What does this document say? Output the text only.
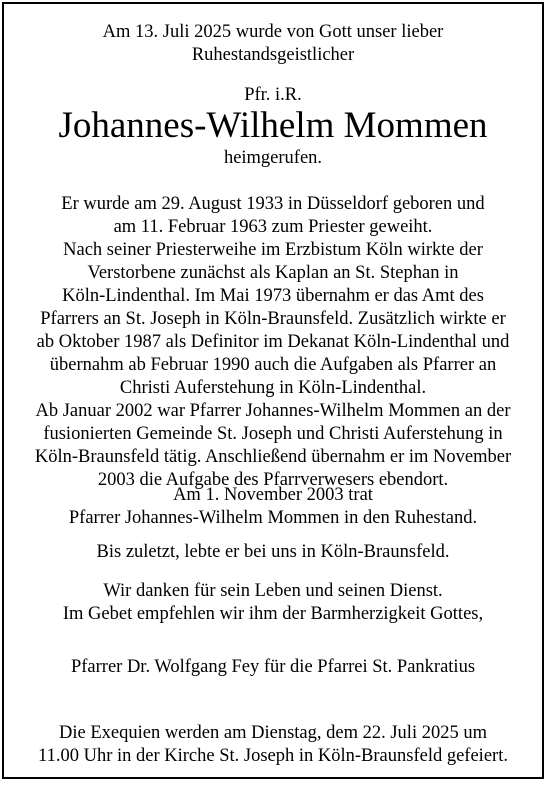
Am 13. Juli 2025 wurde von Gott unser lieber
Ruhestandsgeistlicher
Pfr. i.R.
Johannes-Wilhelm Mommen
heimgerufen.
Er wurde am 29. August 1933 in Düsseldorf geboren und
am 11. Februar 1963 zum Priester geweiht.
Nach seiner Priesterweihe im Erzbistum Köln wirkte der
Verstorbene zunächst als Kaplan an St. Stephan in
Köln-Lindenthal. Im Mai 1973 übernahm er das Amt des
Pfarrers an St. Joseph in Köln-Braunsfeld. Zusätzlich wirkte er
ab Oktober 1987 als Definitor im Dekanat Köln-Lindenthal und
übernahm ab Februar 1990 auch die Aufgaben als Pfarrer an
Christi Auferstehung in Köln-Lindenthal.
Ab Januar 2002 war Pfarrer Johannes-Wilhelm Mommen an der
fusionierten Gemeinde St. Joseph und Christi Auferstehung in
Köln-Braunsfeld tätig. Anschließend übernahm er im November
2003 die Aufgabe des Pfarrverwesers ebendort.
Am 1. November 2003 trat
Pfarrer Johannes-Wilhelm Mommen in den Ruhestand.
Bis zuletzt, lebte er bei uns in Köln-Braunsfeld.
Wir danken für sein Leben und seinen Dienst.
Im Gebet empfehlen wir ihm der Barmherzigkeit Gottes,
Pfarrer Dr. Wolfgang Fey für die Pfarrei St. Pankratius
Die Exequien werden am Dienstag, dem 22. Juli 2025 um
11.00 Uhr in der Kirche St. Joseph in Köln-Braunsfeld gefeiert.
